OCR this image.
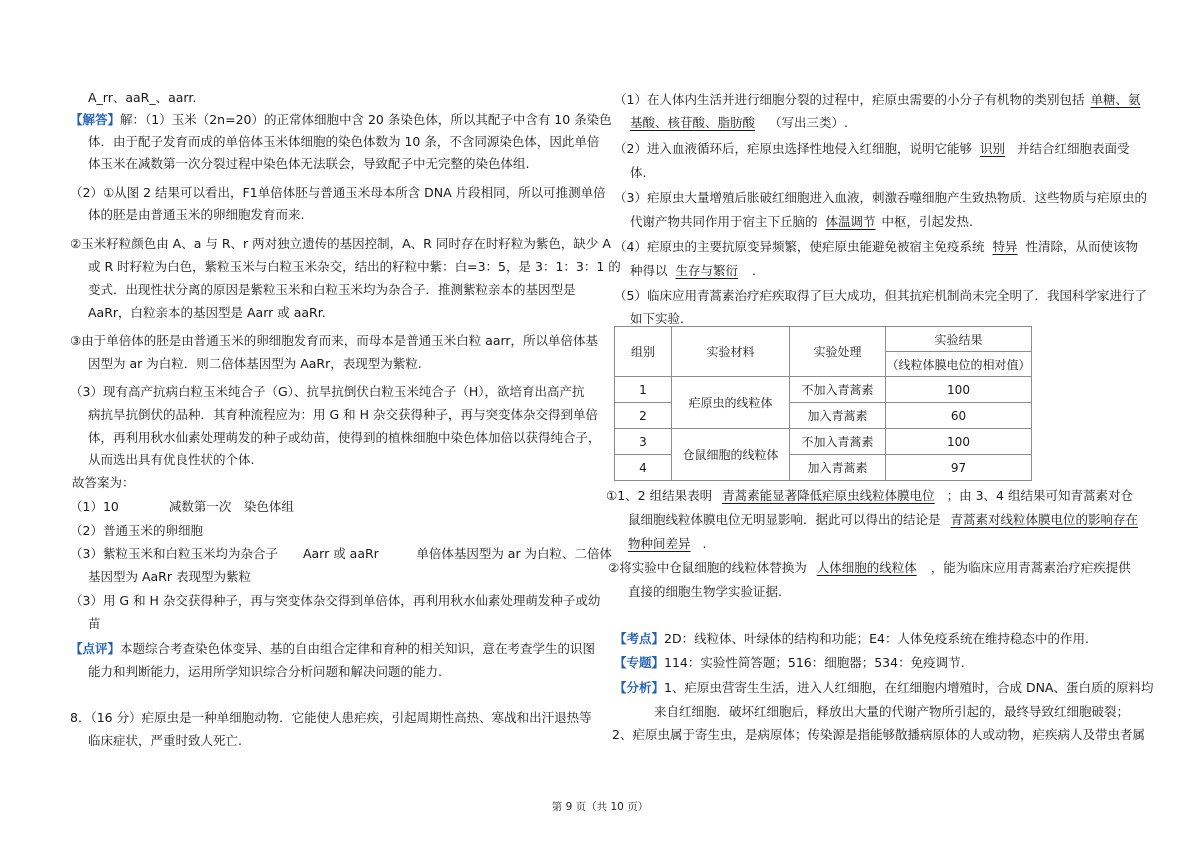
A_rr、aaR_、aarr.
【解答】解：（1）玉米（2n=20）的正常体细胞中含 20 条染色体，所以其配子中含有 10 条染色
体．由于配子发育而成的单倍体玉米体细胞的染色体数为 10 条，不含同源染色体，因此单倍
体玉米在减数第一次分裂过程中染色体无法联会，导致配子中无完整的染色体组.
（2）①从图 2 结果可以看出，F1单倍体胚与普通玉米母本所含 DNA 片段相同，所以可推测单倍
体的胚是由普通玉米的卵细胞发育而来.
②玉米籽粒颜色由 A、a 与 R、r 两对独立遗传的基因控制，A、R 同时存在时籽粒为紫色，缺少 A
或 R 时籽粒为白色，紫粒玉米与白粒玉米杂交，结出的籽粒中紫：白=3：5，是 3：1：3：1 的
变式．出现性状分离的原因是紫粒玉米和白粒玉米均为杂合子．推测紫粒亲本的基因型是
AaRr，白粒亲本的基因型是 Aarr 或 aaRr.
③由于单倍体的胚是由普通玉米的卵细胞发育而来，而母本是普通玉米白粒 aarr，所以单倍体基
因型为 ar 为白粒．则二倍体基因型为 AaRr，表现型为紫粒.
（3）现有高产抗病白粒玉米纯合子（G）、抗旱抗倒伏白粒玉米纯合子（H），欲培育出高产抗
病抗旱抗倒伏的品种．其育种流程应为：用 G 和 H 杂交获得种子，再与突变体杂交得到单倍
体，再利用秋水仙素处理萌发的种子或幼苗，使得到的植株细胞中染色体加倍以获得纯合子，
从而选出具有优良性状的个体.
故答案为：
（1）10　　　　减数第一次　染色体组
（2）普通玉米的卵细胞
（3）紫粒玉米和白粒玉米均为杂合子　　Aarr 或 aaRr　　　单倍体基因型为 ar 为白粒、二倍体
基因型为 AaRr 表现型为紫粒
（3）用 G 和 H 杂交获得种子，再与突变体杂交得到单倍体，再利用秋水仙素处理萌发种子或幼
苗
【点评】本题综合考查染色体变异、基的自由组合定律和育种的相关知识，意在考查学生的识图
能力和判断能力，运用所学知识综合分析问题和解决问题的能力.
8．（16 分）疟原虫是一种单细胞动物．它能使人患疟疾，引起周期性高热、寒战和出汗退热等
临床症状，严重时致人死亡.
（1）在人体内生活并进行细胞分裂的过程中，疟原虫需要的小分子有机物的类别包括 单糖、氨
基酸、核苷酸、脂肪酸 （写出三类）.
（2）进入血液循环后，疟原虫选择性地侵入红细胞，说明它能够 识别 并结合红细胞表面受
体.
（3）疟原虫大量增殖后胀破红细胞进入血液，刺激吞噬细胞产生致热物质．这些物质与疟原虫的
代谢产物共同作用于宿主下丘脑的 体温调节 中枢，引起发热.
（4）疟原虫的主要抗原变异频繁，使疟原虫能避免被宿主免疫系统 特异 性清除，从而使该物
种得以 生存与繁衍 .
（5）临床应用青蒿素治疗疟疾取得了巨大成功，但其抗疟机制尚未完全明了．我国科学家进行了
如下实验.
组别	实验材料	实验处理	实验结果
			（线粒体膜电位的相对值）
1	疟原虫的线粒体	不加入青蒿素	100
2		加入青蒿素	60
3	仓鼠细胞的线粒体	不加入青蒿素	100
4		加入青蒿素	97
①1、2 组结果表明 青蒿素能显著降低疟原虫线粒体膜电位 ；由 3、4 组结果可知青蒿素对仓
鼠细胞线粒体膜电位无明显影响．据此可以得出的结论是 青蒿素对线粒体膜电位的影响存在
物种间差异 .
②将实验中仓鼠细胞的线粒体替换为 人体细胞的线粒体 ，能为临床应用青蒿素治疗疟疾提供
直接的细胞生物学实验证据.
【考点】2D：线粒体、叶绿体的结构和功能；E4：人体免疫系统在维持稳态中的作用.
【专题】114：实验性简答题；516：细胞器；534：免疫调节.
【分析】1、疟原虫营寄生生活，进入人红细胞，在红细胞内增殖时，合成 DNA、蛋白质的原料均
来自红细胞．破坏红细胞后，释放出大量的代谢产物所引起的，最终导致红细胞破裂；
2、疟原虫属于寄生虫，是病原体；传染源是指能够散播病原体的人或动物，疟疾病人及带虫者属
第 9 页（共 10 页）
